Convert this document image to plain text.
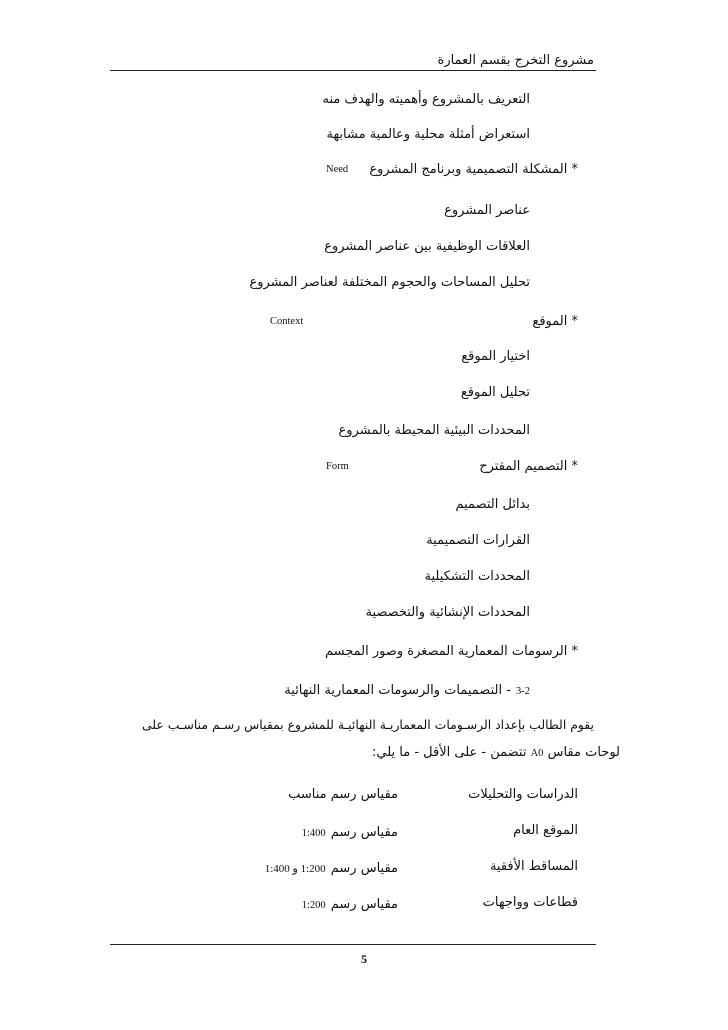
مشروع التخرج بقسم العمارة
التعريف بالمشروع وأهميته والهدف منه
استعراض أمثلة محلية وعالمية مشابهة
* المشكلة التصميمية وبرنامج المشروع
Need
عناصر المشروع
العلاقات الوظيفية بين عناصر المشروع
تحليل المساحات والحجوم المختلفة لعناصر المشروع
* الموقع
Context
اختيار الموقع
تحليل الموقع
المحددات البيئية المحيطة بالمشروع
* التصميم المقترح
Form
بدائل التصميم
القرارات التصميمية
المحددات التشكيلية
المحددات الإنشائية والتخصصية
* الرسومات المعمارية المصغرة وصور المجسم
3-2 - التصميمات والرسومات المعمارية النهائية
يقوم الطالب بإعداد الرسـومات المعماريـة النهائيـة للمشروع بمقياس رسـم مناسـب على
لوحات مقاس A0 تتضمن - على الأقل - ما يلي:
الدراسات والتحليلات
مقياس رسم مناسب
الموقع العام
مقياس رسم 1:400
المساقط الأفقية
مقياس رسم 1:200 و 1:400
قطاعات وواجهات
مقياس رسم 1:200
5
